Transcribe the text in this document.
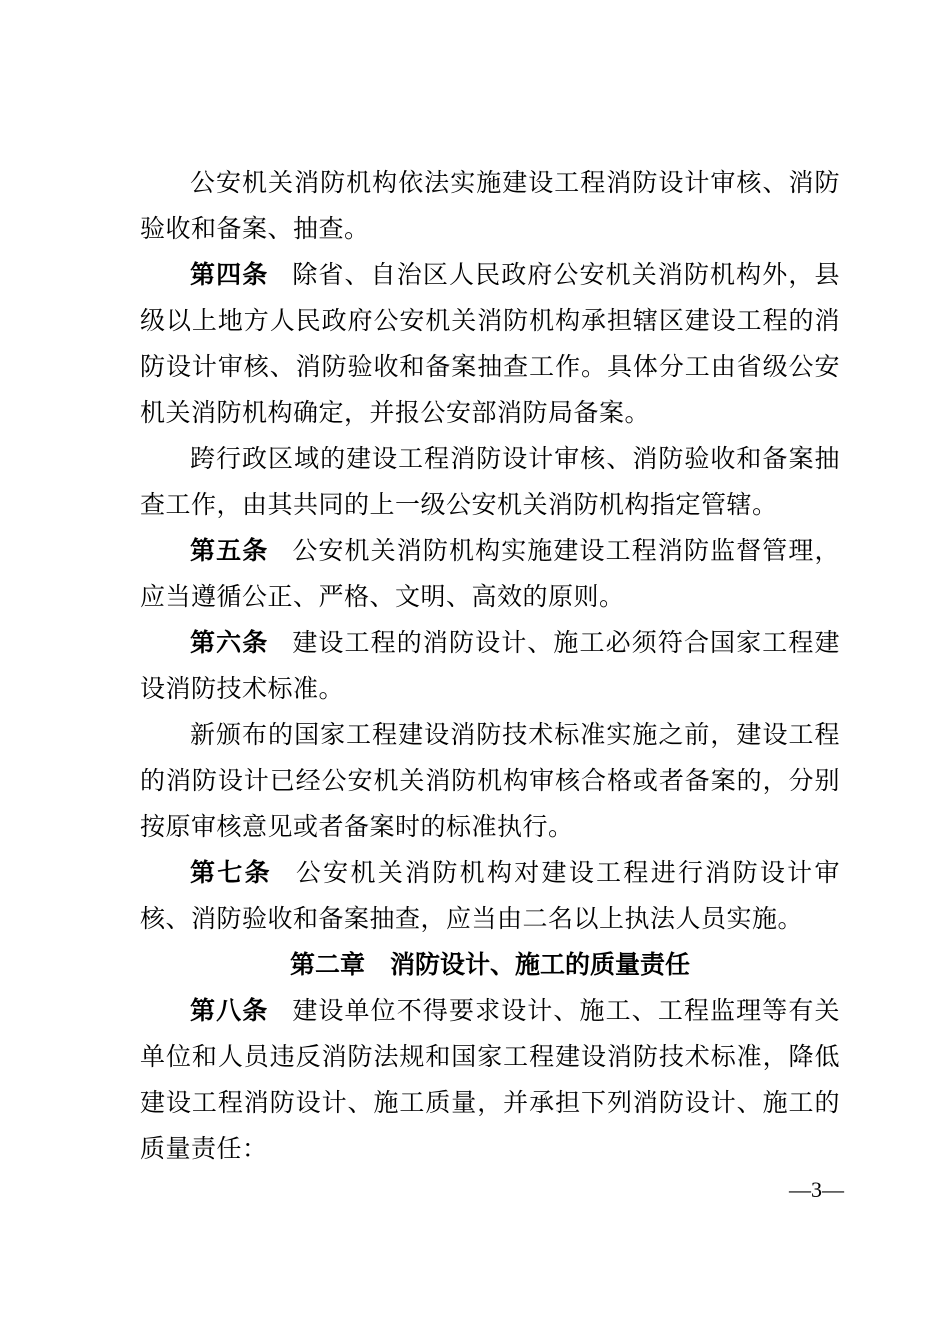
公安机关消防机构依法实施建设工程消防设计审核、消防验收和备案、抽查。

第四条 除省、自治区人民政府公安机关消防机构外，县级以上地方人民政府公安机关消防机构承担辖区建设工程的消防设计审核、消防验收和备案抽查工作。具体分工由省级公安机关消防机构确定，并报公安部消防局备案。

跨行政区域的建设工程消防设计审核、消防验收和备案抽查工作，由其共同的上一级公安机关消防机构指定管辖。

第五条 公安机关消防机构实施建设工程消防监督管理，应当遵循公正、严格、文明、高效的原则。

第六条 建设工程的消防设计、施工必须符合国家工程建设消防技术标准。

新颁布的国家工程建设消防技术标准实施之前，建设工程的消防设计已经公安机关消防机构审核合格或者备案的，分别按原审核意见或者备案时的标准执行。

第七条 公安机关消防机构对建设工程进行消防设计审核、消防验收和备案抽查，应当由二名以上执法人员实施。

第二章　消防设计、施工的质量责任

第八条 建设单位不得要求设计、施工、工程监理等有关单位和人员违反消防法规和国家工程建设消防技术标准，降低建设工程消防设计、施工质量，并承担下列消防设计、施工的质量责任：

—3—
